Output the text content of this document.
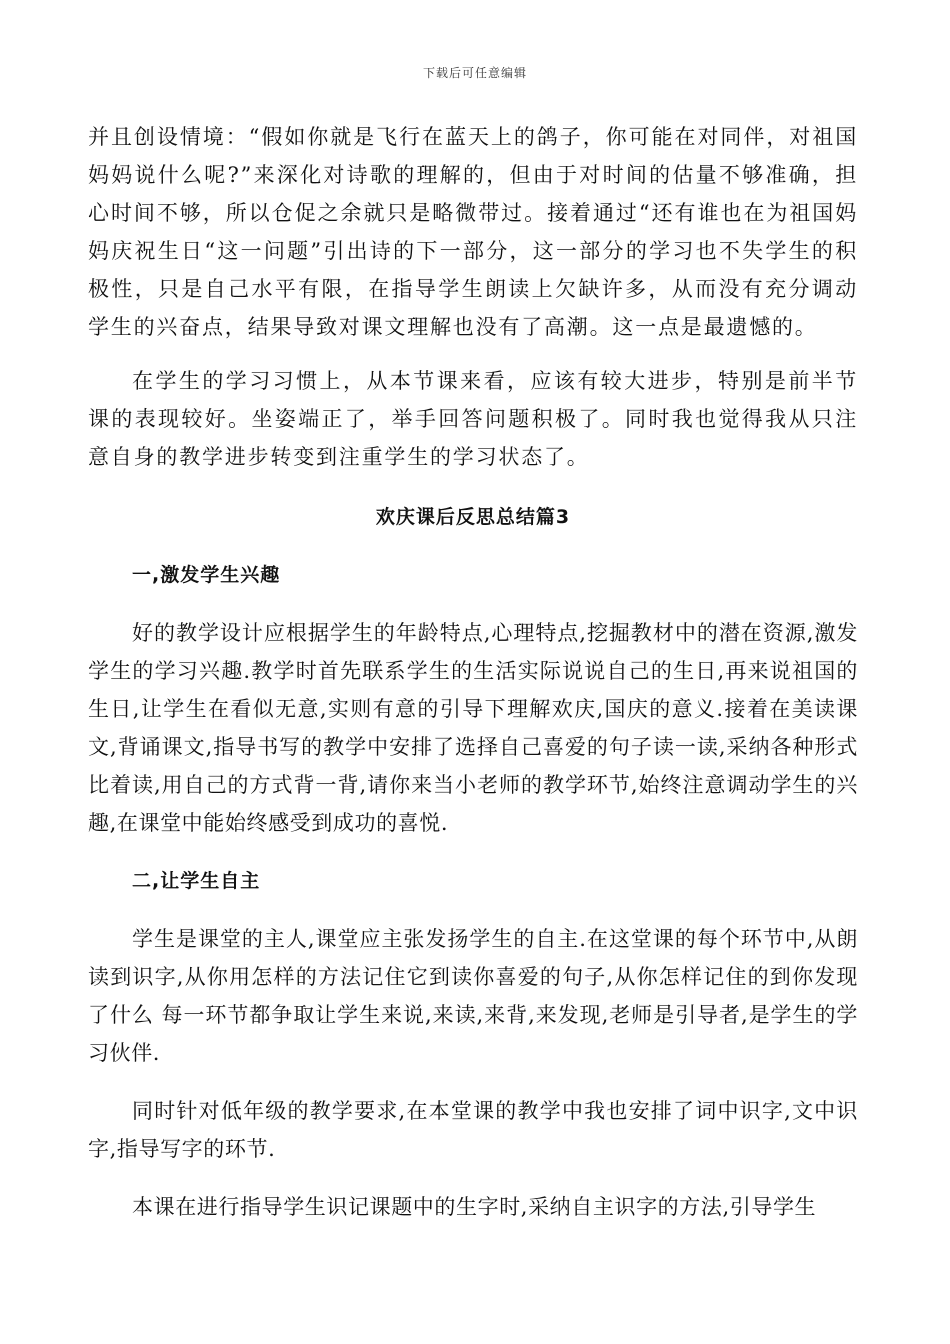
下载后可任意编辑

并且创设情境：“假如你就是飞行在蓝天上的鸽子，你可能在对同伴，对祖国妈妈说什么呢?”来深化对诗歌的理解的，但由于对时间的估量不够准确，担心时间不够，所以仓促之余就只是略微带过。接着通过“还有谁也在为祖国妈妈庆祝生日“这一问题”引出诗的下一部分，这一部分的学习也不失学生的积极性，只是自己水平有限，在指导学生朗读上欠缺许多，从而没有充分调动学生的兴奋点，结果导致对课文理解也没有了高潮。这一点是最遗憾的。

在学生的学习习惯上，从本节课来看，应该有较大进步，特别是前半节课的表现较好。坐姿端正了，举手回答问题积极了。同时我也觉得我从只注意自身的教学进步转变到注重学生的学习状态了。

欢庆课后反思总结篇3
一,激发学生兴趣

好的教学设计应根据学生的年龄特点,心理特点,挖掘教材中的潜在资源,激发学生的学习兴趣.教学时首先联系学生的生活实际说说自己的生日,再来说祖国的生日,让学生在看似无意,实则有意的引导下理解欢庆,国庆的意义.接着在美读课文,背诵课文,指导书写的教学中安排了选择自己喜爱的句子读一读,采纳各种形式比着读,用自己的方式背一背,请你来当小老师的教学环节,始终注意调动学生的兴趣,在课堂中能始终感受到成功的喜悦.

二,让学生自主

学生是课堂的主人,课堂应主张发扬学生的自主.在这堂课的每个环节中,从朗读到识字,从你用怎样的方法记住它到读你喜爱的句子,从你怎样记住的到你发现了什么 每一环节都争取让学生来说,来读,来背,来发现,老师是引导者,是学生的学习伙伴.

同时针对低年级的教学要求,在本堂课的教学中我也安排了词中识字,文中识字,指导写字的环节.

本课在进行指导学生识记课题中的生字时,采纳自主识字的方法,引导学生
